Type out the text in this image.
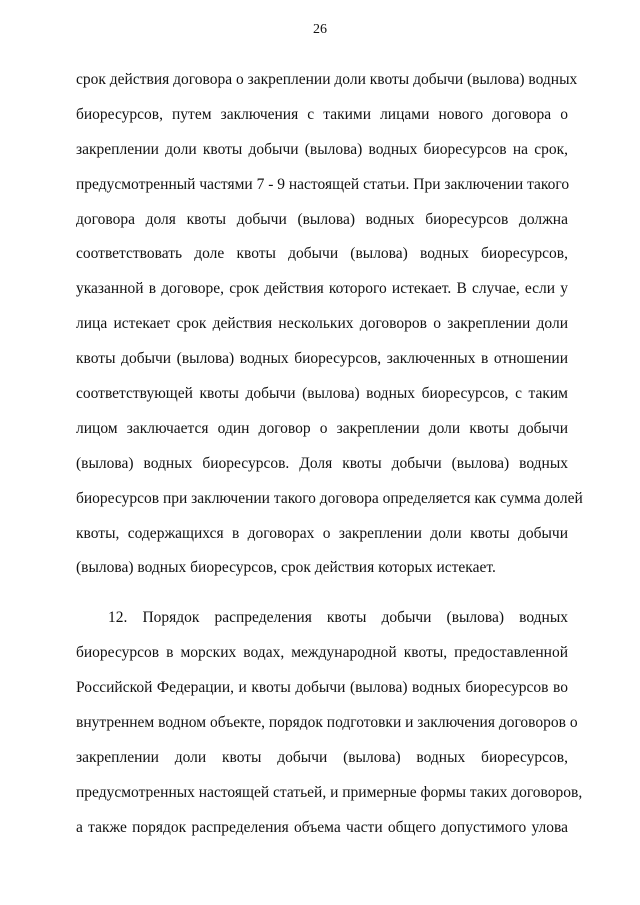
26
срок действия договора о закреплении доли квоты добычи (вылова) водных
биоресурсов, путем заключения с такими лицами нового договора о
закреплении доли квоты добычи (вылова) водных биоресурсов на срок,
предусмотренный частями 7 - 9 настоящей статьи. При заключении такого
договора доля квоты добычи (вылова) водных биоресурсов должна
соответствовать доле квоты добычи (вылова) водных биоресурсов,
указанной в договоре, срок действия которого истекает. В случае, если у
лица истекает срок действия нескольких договоров о закреплении доли
квоты добычи (вылова) водных биоресурсов, заключенных в отношении
соответствующей квоты добычи (вылова) водных биоресурсов, с таким
лицом заключается один договор о закреплении доли квоты добычи
(вылова) водных биоресурсов. Доля квоты добычи (вылова) водных
биоресурсов при заключении такого договора определяется как сумма долей
квоты, содержащихся в договорах о закреплении доли квоты добычи
(вылова) водных биоресурсов, срок действия которых истекает.
12. Порядок распределения квоты добычи (вылова) водных
биоресурсов в морских водах, международной квоты, предоставленной
Российской Федерации, и квоты добычи (вылова) водных биоресурсов во
внутреннем водном объекте, порядок подготовки и заключения договоров о
закреплении доли квоты добычи (вылова) водных биоресурсов,
предусмотренных настоящей статьей, и примерные формы таких договоров,
а также порядок распределения объема части общего допустимого улова
